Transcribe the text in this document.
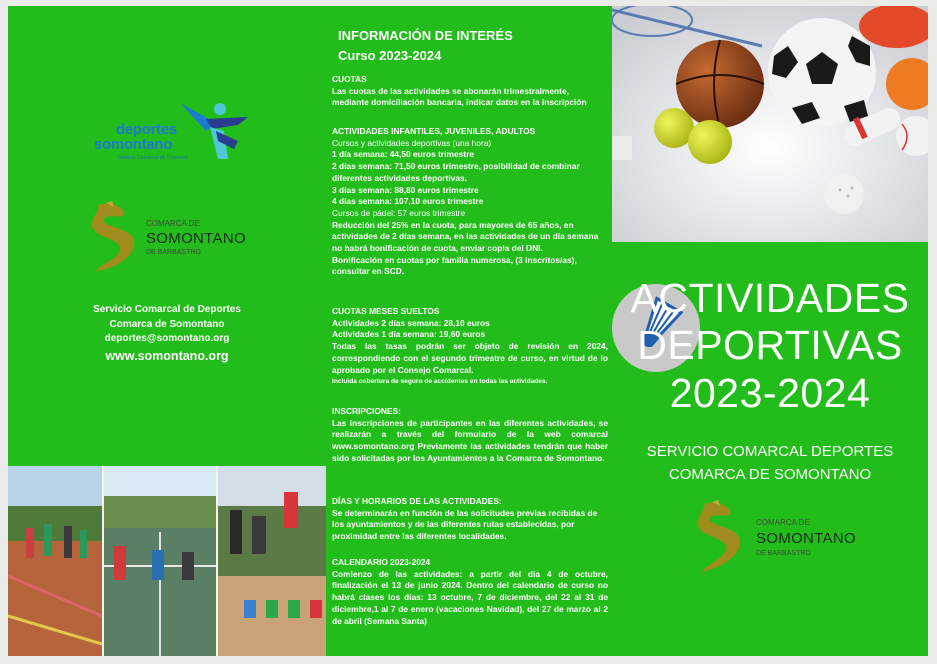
deportes
somontano
Servicio Comarcal de Deportes
COMARCA DE
SOMONTANO
DE BARBASTRO
Servicio Comarcal de Deportes
Comarca de Somontano
deportes@somontano.org
www.somontano.org
INFORMACIÓN DE INTERÉS
Curso 2023-2024
CUOTAS
Las cuotas de las actividades se abonarán trimestralmente, mediante domiciliación bancaria, indicar datos en la inscripción
ACTIVIDADES INFANTILES, JUVENILES, ADULTOS
Cursos y actividades deportivas (una hora)
1 día semana: 44,50 euros trimestre
2 días semana: 71,50 euros trimestre, posibilidad de combinar diferentes actividades deportivas.
3 días semana: 88,80 euros trimestre
4 días semana: 107,10 euros trimestre
Cursos de pádel: 57 euros trimestre
Reducción del 25% en la cuota, para mayores de 65 años, en actividades de 2 días semana, en las actividades de un día semana no habrá bonificación de cuota, enviar copia del DNI.
Bonificación en cuotas por familia numerosa, (3 inscritos/as), consultar en SCD.
CUOTAS MESES SUELTOS
Actividades 2 días semana: 28,10 euros
Actividades 1 día semana: 19,60 euros
Todas las tasas podrán ser objeto de revisión en 2024, correspondiendo con el segundo trimestre de curso, en virtud de lo aprobado por el Consejo Comarcal.
Incluida cobertura de seguro de accidentes en todas las actividades.
INSCRIPCIONES:
Las inscripciones de participantes en las diferentes actividades, se realizarán a través del formulario de la web comarcal www.somontano.org Previamente las actividades tendrán que haber sido solicitadas por los Ayuntamientos a la Comarca de Somontano.
DÍAS Y HORARIOS DE LAS ACTIVIDADES:
Se determinarán en función de las solicitudes previas recibidas de los ayuntamientos y de las diferentes rutas establecidas, por proximidad entre las diferentes localidades.
CALENDARIO 2023-2024
Comienzo de las actividades: a partir del día 4 de octubre, finalización el 13 de junio 2024. Dentro del calendario de curso no habrá clases los días: 13 octubre, 7 de diciembre, del 22 al 31 de diciembre,1 al 7 de enero (vacaciones Navidad), del 27 de marzo al 2 de abril (Semana Santa)
ACTIVIDADES
DEPORTIVAS
2023-2024
SERVICIO COMARCAL DEPORTES
COMARCA DE SOMONTANO
COMARCA DE
SOMONTANO
DE BARBASTRO
